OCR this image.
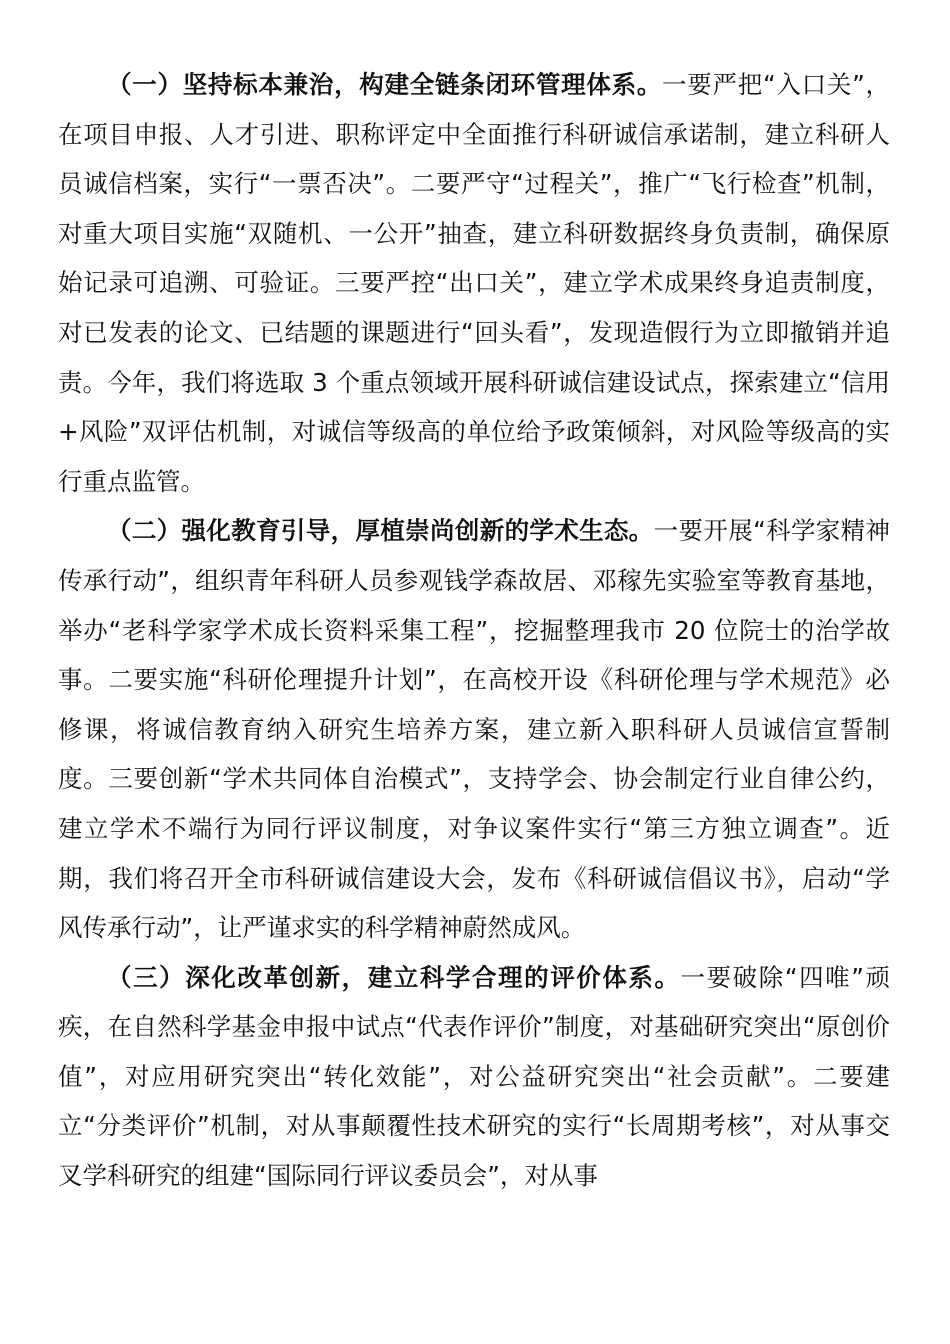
（一）坚持标本兼治，构建全链条闭环管理体系。一要严把“入口关”，在项目申报、人才引进、职称评定中全面推行科研诚信承诺制，建立科研人员诚信档案，实行“一票否决”。二要严守“过程关”，推广“飞行检查”机制，对重大项目实施“双随机、一公开”抽查，建立科研数据终身负责制，确保原始记录可追溯、可验证。三要严控“出口关”，建立学术成果终身追责制度，对已发表的论文、已结题的课题进行“回头看”，发现造假行为立即撤销并追责。今年，我们将选取 3 个重点领域开展科研诚信建设试点，探索建立“信用+风险”双评估机制，对诚信等级高的单位给予政策倾斜，对风险等级高的实行重点监管。

（二）强化教育引导，厚植崇尚创新的学术生态。一要开展“科学家精神传承行动”，组织青年科研人员参观钱学森故居、邓稼先实验室等教育基地，举办“老科学家学术成长资料采集工程”，挖掘整理我市 20 位院士的治学故事。二要实施“科研伦理提升计划”，在高校开设《科研伦理与学术规范》必修课，将诚信教育纳入研究生培养方案，建立新入职科研人员诚信宣誓制度。三要创新“学术共同体自治模式”，支持学会、协会制定行业自律公约，建立学术不端行为同行评议制度，对争议案件实行“第三方独立调查”。近期，我们将召开全市科研诚信建设大会，发布《科研诚信倡议书》，启动“学风传承行动”，让严谨求实的科学精神蔚然成风。

（三）深化改革创新，建立科学合理的评价体系。一要破除“四唯”顽疾，在自然科学基金申报中试点“代表作评价”制度，对基础研究突出“原创价值”，对应用研究突出“转化效能”，对公益研究突出“社会贡献”。二要建立“分类评价”机制，对从事颠覆性技术研究的实行“长周期考核”，对从事交叉学科研究的组建“国际同行评议委员会”，对从事
